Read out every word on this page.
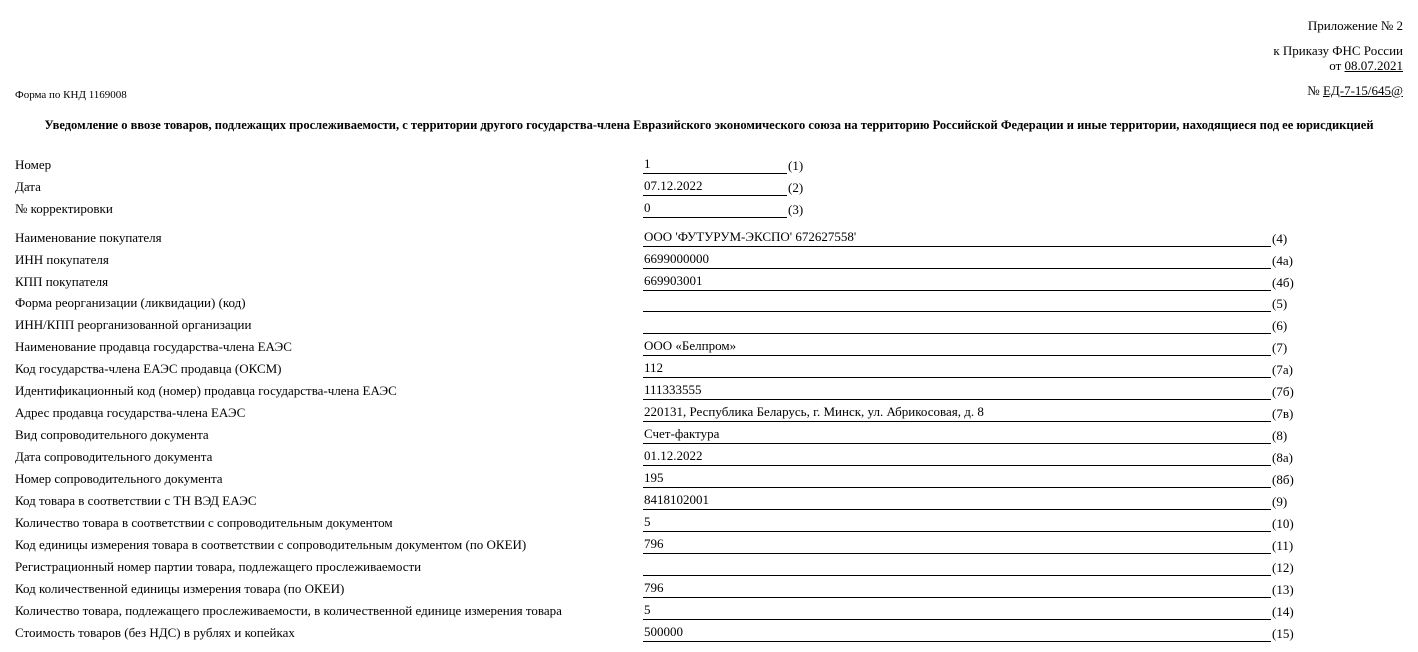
Приложение № 2
к Приказу ФНС России
от 08.07.2021
№ ЕД-7-15/645@
Форма по КНД 1169008
Уведомление о ввозе товаров, подлежащих прослеживаемости, с территории другого государства-члена Евразийского экономического союза на территорию Российской Федерации и иные территории, находящиеся под ее юрисдикцией
Номер	1	(1)
Дата	07.12.2022	(2)
№ корректировки	0	(3)
Наименование покупателя	ООО 'ФУТУРУМ-ЭКСПО' 672627558'	(4)
ИНН покупателя	6699000000	(4а)
КПП покупателя	669903001	(4б)
Форма реорганизации (ликвидации) (код)	(5)
ИНН/КПП реорганизованной организации	(6)
Наименование продавца государства-члена ЕАЭС	ООО «Белпром»	(7)
Код государства-члена ЕАЭС продавца (ОКСМ)	112	(7а)
Идентификационный код (номер) продавца государства-члена ЕАЭС	111333555	(7б)
Адрес продавца государства-члена ЕАЭС	220131, Республика Беларусь, г. Минск, ул. Абрикосовая, д. 8	(7в)
Вид сопроводительного документа	Счет-фактура	(8)
Дата сопроводительного документа	01.12.2022	(8а)
Номер сопроводительного документа	195	(8б)
Код товара в соответствии с ТН ВЭД ЕАЭС	8418102001	(9)
Количество товара в соответствии с сопроводительным документом	5	(10)
Код единицы измерения товара в соответствии с сопроводительным документом (по ОКЕИ)	796	(11)
Регистрационный номер партии товара, подлежащего прослеживаемости	(12)
Код количественной единицы измерения товара (по ОКЕИ)	796	(13)
Количество товара, подлежащего прослеживаемости, в количественной единице измерения товара	5	(14)
Стоимость товаров (без НДС) в рублях и копейках	500000	(15)
